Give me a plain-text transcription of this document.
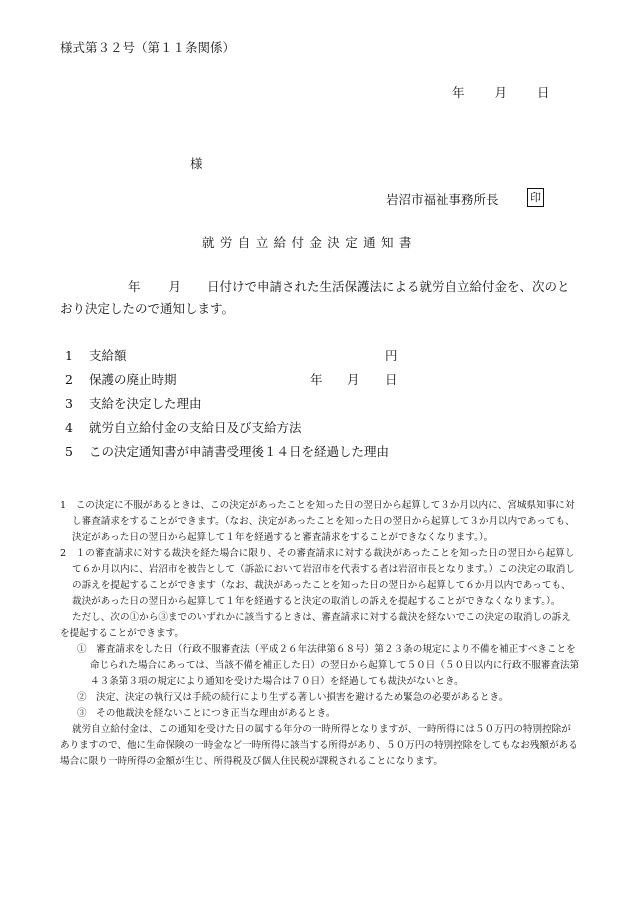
様式第３２号（第１１条関係）
年 月 日
様
岩沼市福祉事務所長	印
就労自立給付金決定通知書
年 月 日付けで申請された生活保護法による就労自立給付金を、次のとおり決定したので通知します。
1 支給額	円
2 保護の廃止時期	年 月 日
3 支給を決定した理由
4 就労自立給付金の支給日及び支給方法
5 この決定通知書が申請書受理後１４日を経過した理由

1　この決定に不服があるときは、この決定があったことを知った日の翌日から起算して３か月以内に、宮城県知事に対し審査請求をすることができます。（なお、決定があったことを知った日の翌日から起算して３か月以内であっても、決定があった日の翌日から起算して１年を経過すると審査請求をすることができなくなります。）。

2　１の審査請求に対する裁決を経た場合に限り、その審査請求に対する裁決があったことを知った日の翌日から起算して６か月以内に、岩沼市を被告として（訴訟において岩沼市を代表する者は岩沼市長となります。）この決定の取消しの訴えを提起することができます（なお、裁決があったことを知った日の翌日から起算して６か月以内であっても、裁決があった日の翌日から起算して１年を経過すると決定の取消しの訴えを提起することができなくなります。）。

ただし、次の①から③までのいずれかに該当するときは、審査請求に対する裁決を経ないでこの決定の取消しの訴えを提起することができます。

①　審査請求をした日（行政不服審査法（平成２６年法律第６８号）第２３条の規定により不備を補正すべきことを命じられた場合にあっては、当該不備を補正した日）の翌日から起算して５０日（５０日以内に行政不服審査法第４３条第３項の規定により通知を受けた場合は７０日）を経過しても裁決がないとき。

②　決定、決定の執行又は手続の続行により生ずる著しい損害を避けるため緊急の必要があるとき。

③　その他裁決を経ないことにつき正当な理由があるとき。

就労自立給付金は、この通知を受けた日の属する年分の一時所得となりますが、一時所得には５０万円の特別控除がありますので、他に生命保険の一時金など一時所得に該当する所得があり、５０万円の特別控除をしてもなお残額がある場合に限り一時所得の金額が生じ、所得税及び個人住民税が課税されることになります。
